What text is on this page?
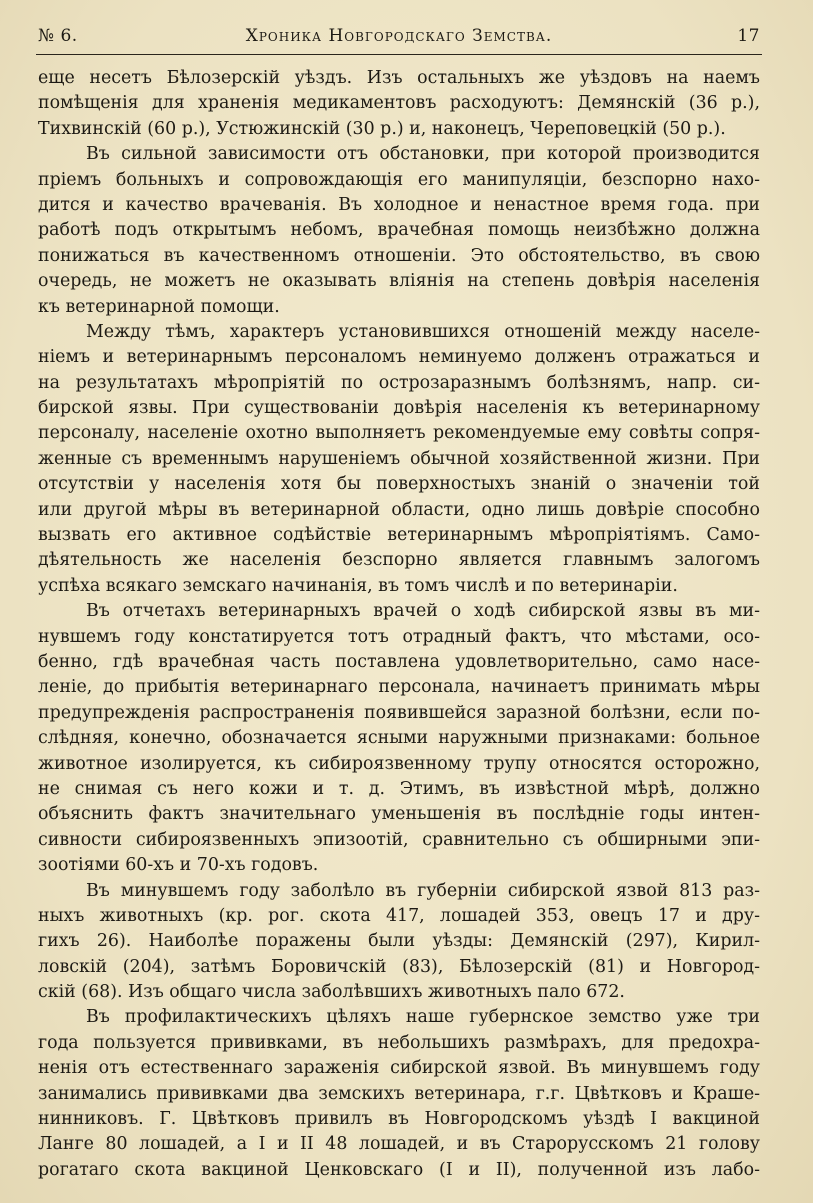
№ 6.	Хроника Новгородскаго Земства.	17
еще несетъ Бѣлозерскій уѣздъ. Изъ остальныхъ же уѣздовъ на наемъ
помѣщенія для храненія медикаментовъ расходуютъ: Демянскій (36 р.),
Тихвинскій (60 р.), Устюжинскій (30 р.) и, наконецъ, Череповецкій (50 р.).
Въ сильной зависимости отъ обстановки, при которой производится
пріемъ больныхъ и сопровождающія его манипуляціи, безспорно нахо-
дится и качество врачеванія. Въ холодное и ненастное время года. при
работѣ подъ открытымъ небомъ, врачебная помощь неизбѣжно должна
понижаться въ качественномъ отношеніи. Это обстоятельство, въ свою
очередь, не можетъ не оказывать вліянія на степень довѣрія населенія
къ ветеринарной помощи.
Между тѣмъ, характеръ установившихся отношеній между населе-
ніемъ и ветеринарнымъ персоналомъ неминуемо долженъ отражаться и
на результатахъ мѣропріятій по острозаразнымъ болѣзнямъ, напр. си-
бирской язвы. При существованіи довѣрія населенія къ ветеринарному
персоналу, населеніе охотно выполняетъ рекомендуемые ему совѣты сопря-
женные съ временнымъ нарушеніемъ обычной хозяйственной жизни. При
отсутствіи у населенія хотя бы поверхностыхъ знаній о значеніи той
или другой мѣры въ ветеринарной области, одно лишь довѣріе способно
вызвать его активное содѣйствіе ветеринарнымъ мѣропріятіямъ. Само-
дѣятельность же населенія безспорно является главнымъ залогомъ
успѣха всякаго земскаго начинанія, въ томъ числѣ и по ветеринаріи.
Въ отчетахъ ветеринарныхъ врачей о ходѣ сибирской язвы въ ми-
нувшемъ году констатируется тотъ отрадный фактъ, что мѣстами, осо-
бенно, гдѣ врачебная часть поставлена удовлетворительно, само насе-
леніе, до прибытія ветеринарнаго персонала, начинаетъ принимать мѣры
предупрежденія распространенія появившейся заразной болѣзни, если по-
слѣдняя, конечно, обозначается ясными наружными признаками: больное
животное изолируется, къ сибироязвенному трупу относятся осторожно,
не снимая съ него кожи и т. д. Этимъ, въ извѣстной мѣрѣ, должно
объяснить фактъ значительнаго уменьшенія въ послѣдніе годы интен-
сивности сибироязвенныхъ эпизоотій, сравнительно съ обширными эпи-
зоотіями 60-хъ и 70-хъ годовъ.
Въ минувшемъ году заболѣло въ губерніи сибирской язвой 813 раз-
ныхъ животныхъ (кр. рог. скота 417, лошадей 353, овецъ 17 и дру-
гихъ 26). Наиболѣе поражены были уѣзды: Демянскій (297), Кирил-
ловскій (204), затѣмъ Боровичскій (83), Бѣлозерскій (81) и Новгород-
скій (68). Изъ общаго числа заболѣвшихъ животныхъ пало 672.
Въ профилактическихъ цѣляхъ наше губернское земство уже три
года пользуется прививками, въ небольшихъ размѣрахъ, для предохра-
ненія отъ естественнаго зараженія сибирской язвой. Въ минувшемъ году
занимались прививками два земскихъ ветеринара, г.г. Цвѣтковъ и Краше-
нинниковъ. Г. Цвѣтковъ привилъ въ Новгородскомъ уѣздѣ I вакциной
Ланге 80 лошадей, а I и II 48 лошадей, и въ Старорусскомъ 21 голову
рогатаго скота вакциной Ценковскаго (I и II), полученной изъ лабо-
